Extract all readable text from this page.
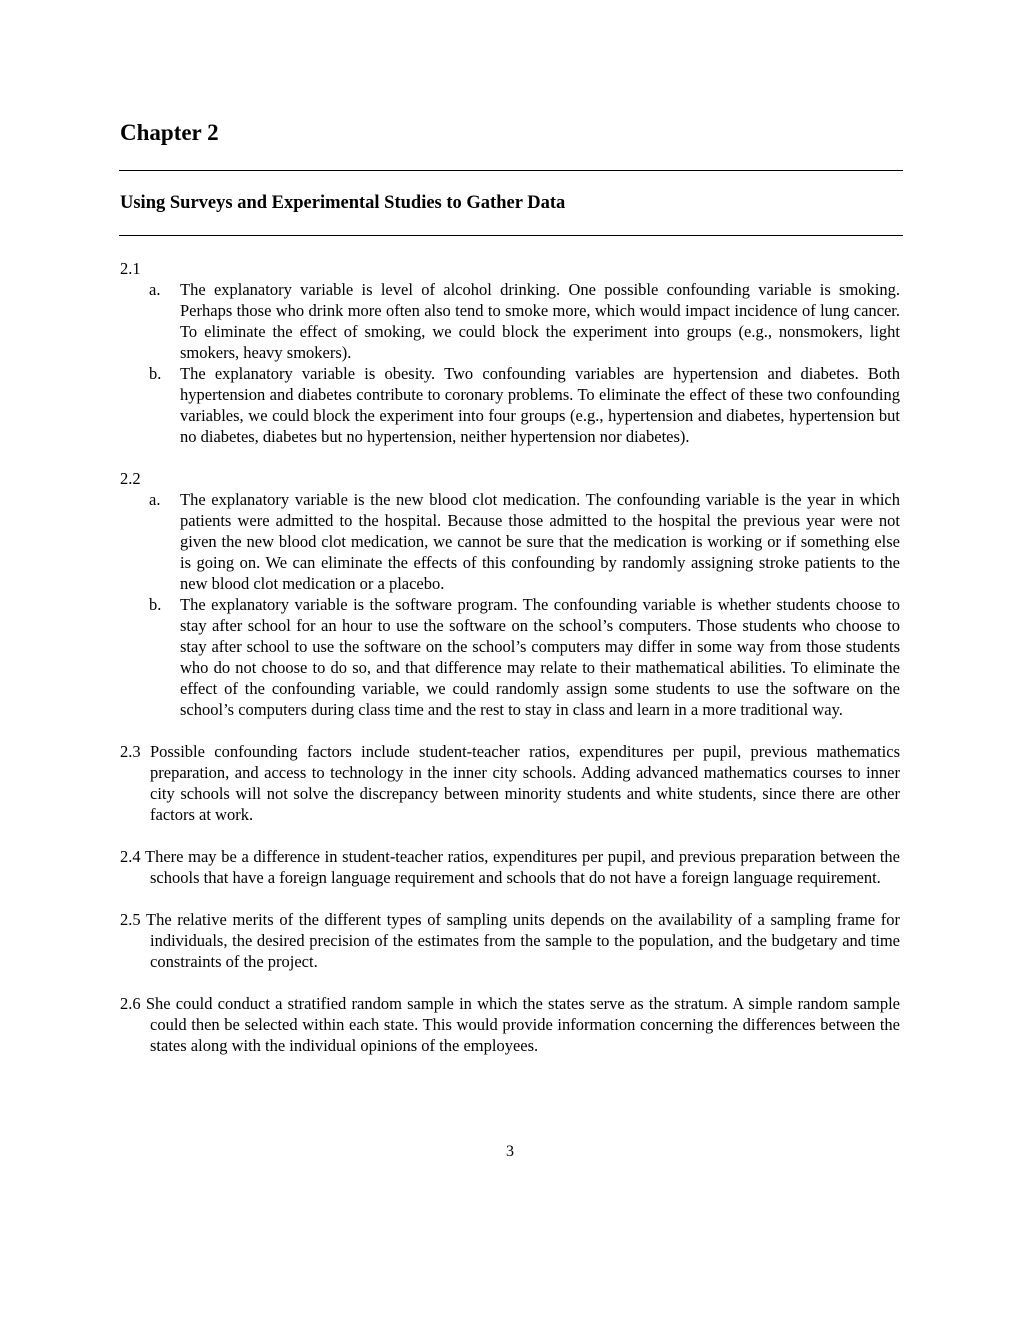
Chapter 2
Using Surveys and Experimental Studies to Gather Data

2.1

a. The explanatory variable is level of alcohol drinking. One possible confounding variable is smoking. Perhaps those who drink more often also tend to smoke more, which would impact incidence of lung cancer. To eliminate the effect of smoking, we could block the experiment into groups (e.g., nonsmokers, light smokers, heavy smokers).
b. The explanatory variable is obesity. Two confounding variables are hypertension and diabetes. Both hypertension and diabetes contribute to coronary problems. To eliminate the effect of these two confounding variables, we could block the experiment into four groups (e.g., hypertension and diabetes, hypertension but no diabetes, diabetes but no hypertension, neither hypertension nor diabetes).

2.2

a. The explanatory variable is the new blood clot medication. The confounding variable is the year in which patients were admitted to the hospital. Because those admitted to the hospital the previous year were not given the new blood clot medication, we cannot be sure that the medication is working or if something else is going on. We can eliminate the effects of this confounding by randomly assigning stroke patients to the new blood clot medication or a placebo.
b. The explanatory variable is the software program. The confounding variable is whether students choose to stay after school for an hour to use the software on the school’s computers. Those students who choose to stay after school to use the software on the school’s computers may differ in some way from those students who do not choose to do so, and that difference may relate to their mathematical abilities. To eliminate the effect of the confounding variable, we could randomly assign some students to use the software on the school’s computers during class time and the rest to stay in class and learn in a more traditional way.

2.3 Possible confounding factors include student-teacher ratios, expenditures per pupil, previous mathematics preparation, and access to technology in the inner city schools. Adding advanced mathematics courses to inner city schools will not solve the discrepancy between minority students and white students, since there are other factors at work.

2.4 There may be a difference in student-teacher ratios, expenditures per pupil, and previous preparation between the schools that have a foreign language requirement and schools that do not have a foreign language requirement.

2.5 The relative merits of the different types of sampling units depends on the availability of a sampling frame for individuals, the desired precision of the estimates from the sample to the population, and the budgetary and time constraints of the project.

2.6 She could conduct a stratified random sample in which the states serve as the stratum. A simple random sample could then be selected within each state. This would provide information concerning the differences between the states along with the individual opinions of the employees.

3
